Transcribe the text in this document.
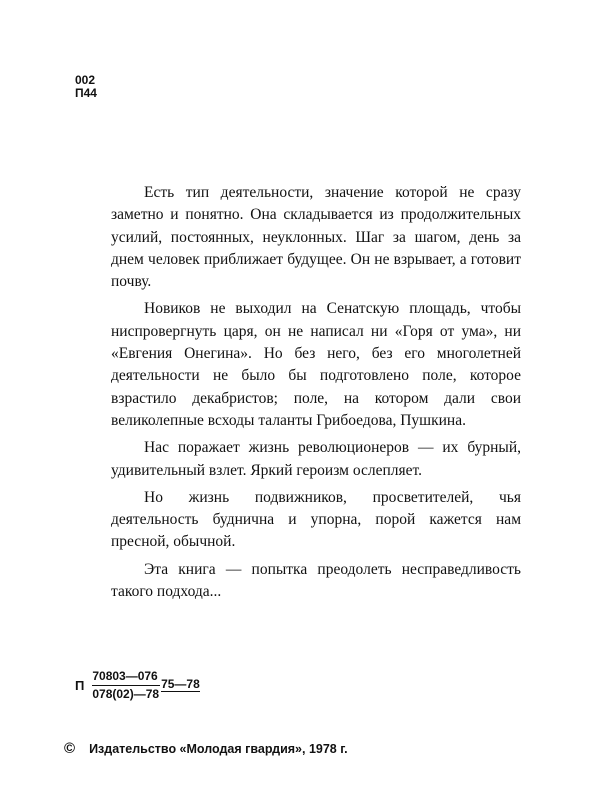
002
П44

Есть тип деятельности, значение которой не сразу заметно и понятно. Она складывается из продолжительных усилий, постоянных, неуклонных. Шаг за шагом, день за днем человек приближает будущее. Он не взрывает, а готовит почву.

Новиков не выходил на Сенатскую площадь, чтобы ниспровергнуть царя, он не написал ни «Горя от ума», ни «Евгения Онегина». Но без него, без его многолетней деятельности не было бы подготовлено поле, которое взрастило декабристов; поле, на котором дали свои великолепные всходы таланты Грибоедова, Пушкина.

Нас поражает жизнь революционеров — их бурный, удивительный взлет. Яркий героизм ослепляет.

Но жизнь подвижников, просветителей, чья деятельность будничнa и упорна, порой кажется нам пресной, обычной.

Эта книга — попытка преодолеть несправедливость такого подхода...

П $\frac{70803—076}{078(02)—78}$ 75—78
© Издательство «Молодая гвардия», 1978 г.
